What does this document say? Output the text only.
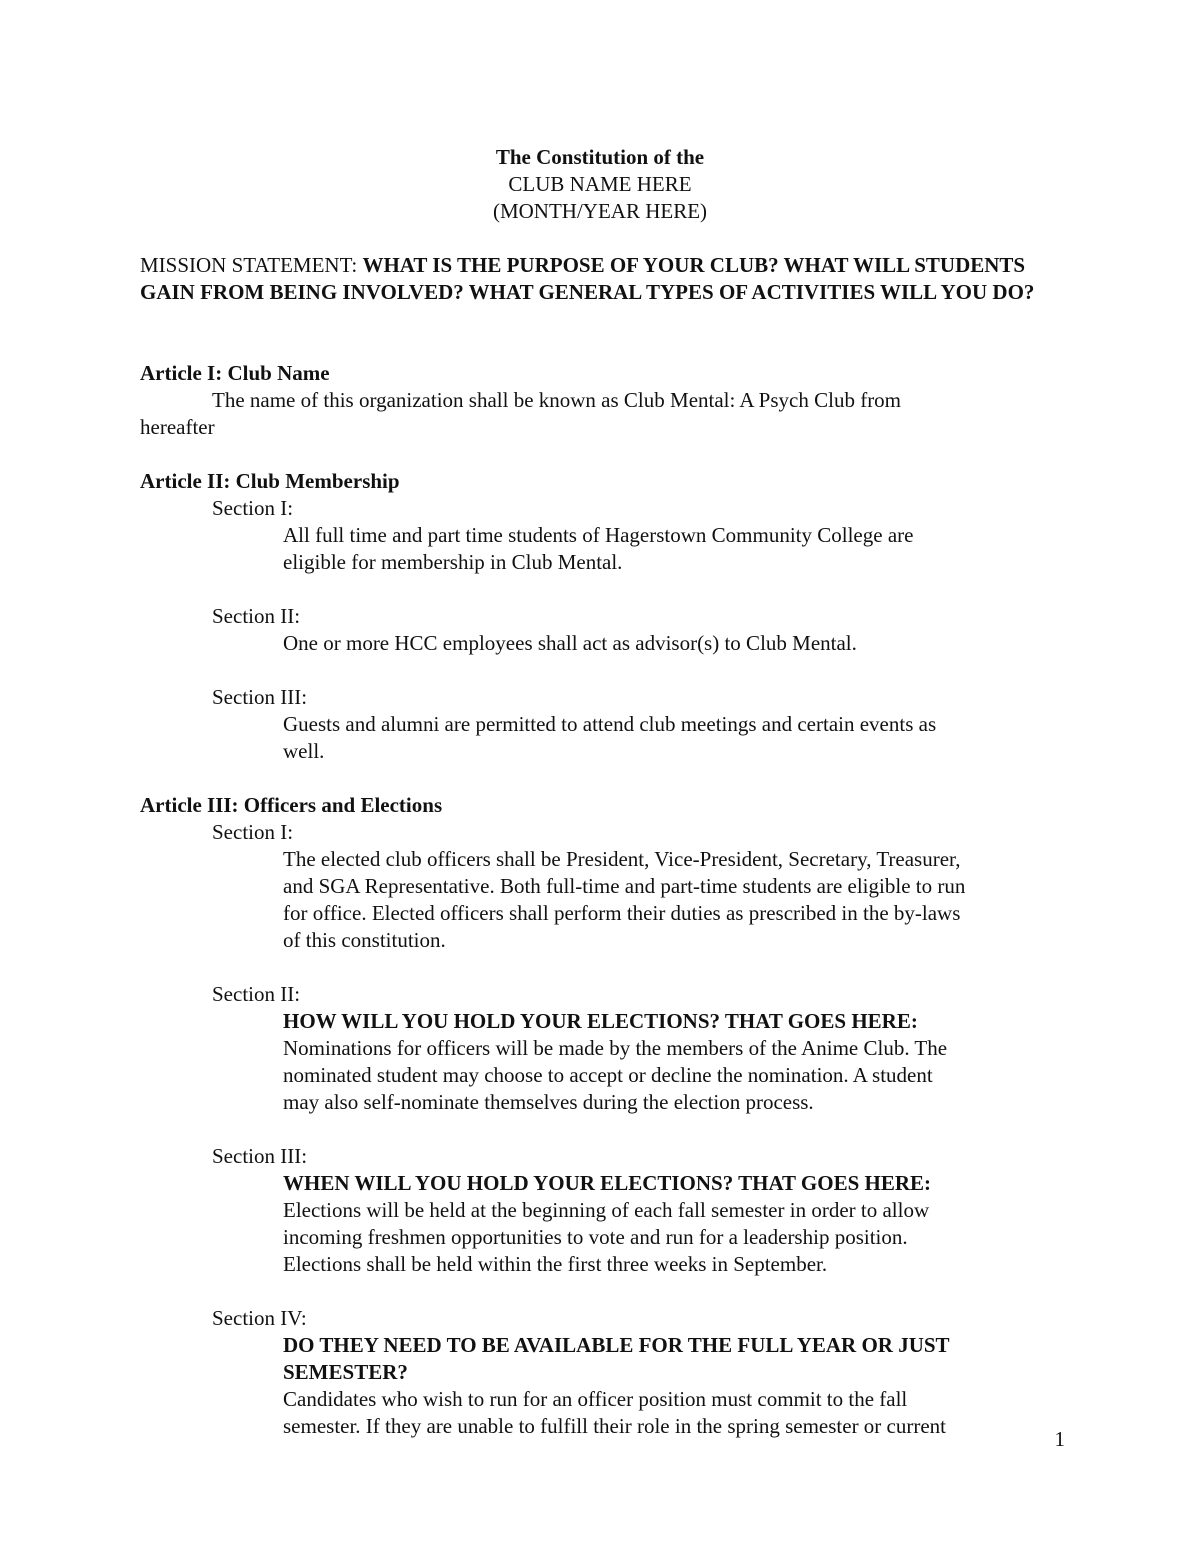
The Constitution of the
CLUB NAME HERE
(MONTH/YEAR HERE)
MISSION STATEMENT: WHAT IS THE PURPOSE OF YOUR CLUB? WHAT WILL STUDENTS GAIN FROM BEING INVOLVED? WHAT GENERAL TYPES OF ACTIVITIES WILL YOU DO?
Article I: Club Name
The name of this organization shall be known as Club Mental: A Psych Club from
hereafter
Article II: Club Membership
Section I:
All full time and part time students of Hagerstown Community College are
eligible for membership in Club Mental.
Section II:
One or more HCC employees shall act as advisor(s) to Club Mental.
Section III:
Guests and alumni are permitted to attend club meetings and certain events as
well.
Article III: Officers and Elections
Section I:
The elected club officers shall be President, Vice-President, Secretary, Treasurer,
and SGA Representative. Both full-time and part-time students are eligible to run
for office. Elected officers shall perform their duties as prescribed in the by-laws
of this constitution.
Section II:
HOW WILL YOU HOLD YOUR ELECTIONS? THAT GOES HERE:
Nominations for officers will be made by the members of the Anime Club. The
nominated student may choose to accept or decline the nomination. A student
may also self-nominate themselves during the election process.
Section III:
WHEN WILL YOU HOLD YOUR ELECTIONS? THAT GOES HERE:
Elections will be held at the beginning of each fall semester in order to allow
incoming freshmen opportunities to vote and run for a leadership position.
Elections shall be held within the first three weeks in September.
Section IV:
DO THEY NEED TO BE AVAILABLE FOR THE FULL YEAR OR JUST
SEMESTER?
Candidates who wish to run for an officer position must commit to the fall
semester. If they are unable to fulfill their role in the spring semester or current
1
